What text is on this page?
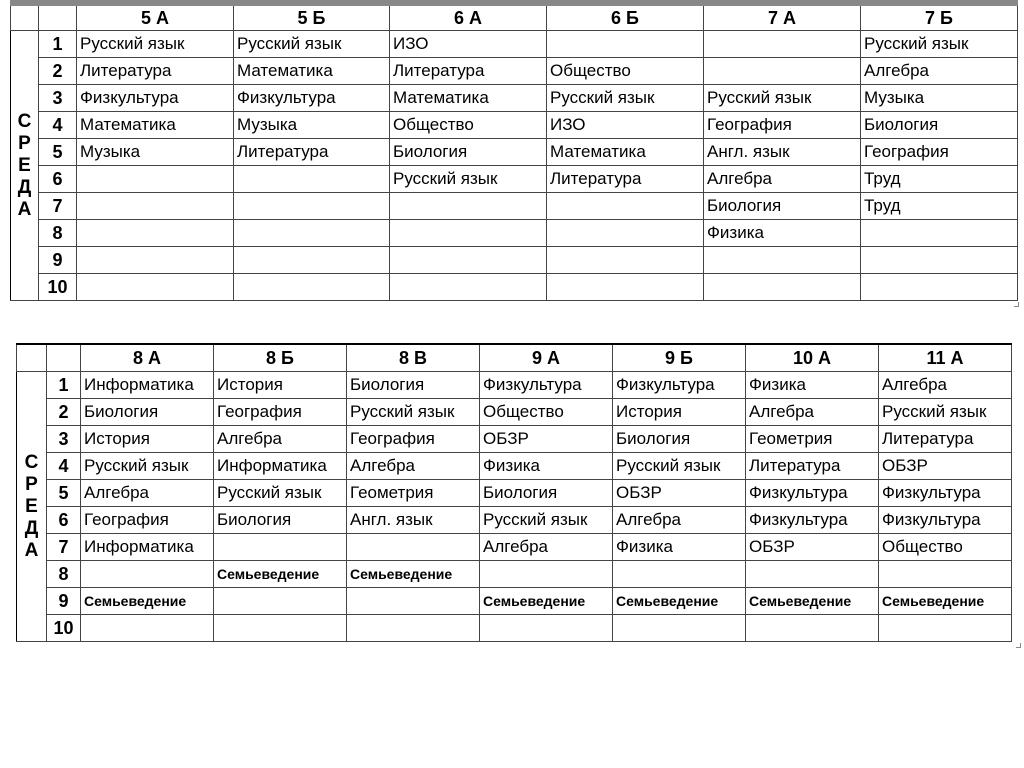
		5 А	5 Б	6 А	6 Б	7 А	7 Б

С
Р
Е
Д
А	1	Русский язык	Русский язык	ИЗО			Русский язык
	2	Литература	Математика	Литература	Общество		Алгебра
	3	Физкультура	Физкультура	Математика	Русский язык	Русский язык	Музыка
	4	Математика	Музыка	Общество	ИЗО	География	Биология
	5	Музыка	Литература	Биология	Математика	Англ. язык	География
	6			Русский язык	Литература	Алгебра	Труд
	7					Биология	Труд
	8					Физика	
	9						
	10						
		8 А	8 Б	8 В	9 А	9 Б	10 А	11 А

С
Р
Е
Д
А	1	Информатика	История	Биология	Физкультура	Физкультура	Физика	Алгебра
	2	Биология	География	Русский язык	Общество	История	Алгебра	Русский язык
	3	История	Алгебра	География	ОБЗР	Биология	Геометрия	Литература
	4	Русский язык	Информатика	Алгебра	Физика	Русский язык	Литература	ОБЗР
	5	Алгебра	Русский язык	Геометрия	Биология	ОБЗР	Физкультура	Физкультура
	6	География	Биология	Англ. язык	Русский язык	Алгебра	Физкультура	Физкультура
	7	Информатика			Алгебра	Физика	ОБЗР	Общество
	8		Семьеведение	Семьеведение				
	9	Семьеведение			Семьеведение	Семьеведение	Семьеведение	Семьеведение
	10							
